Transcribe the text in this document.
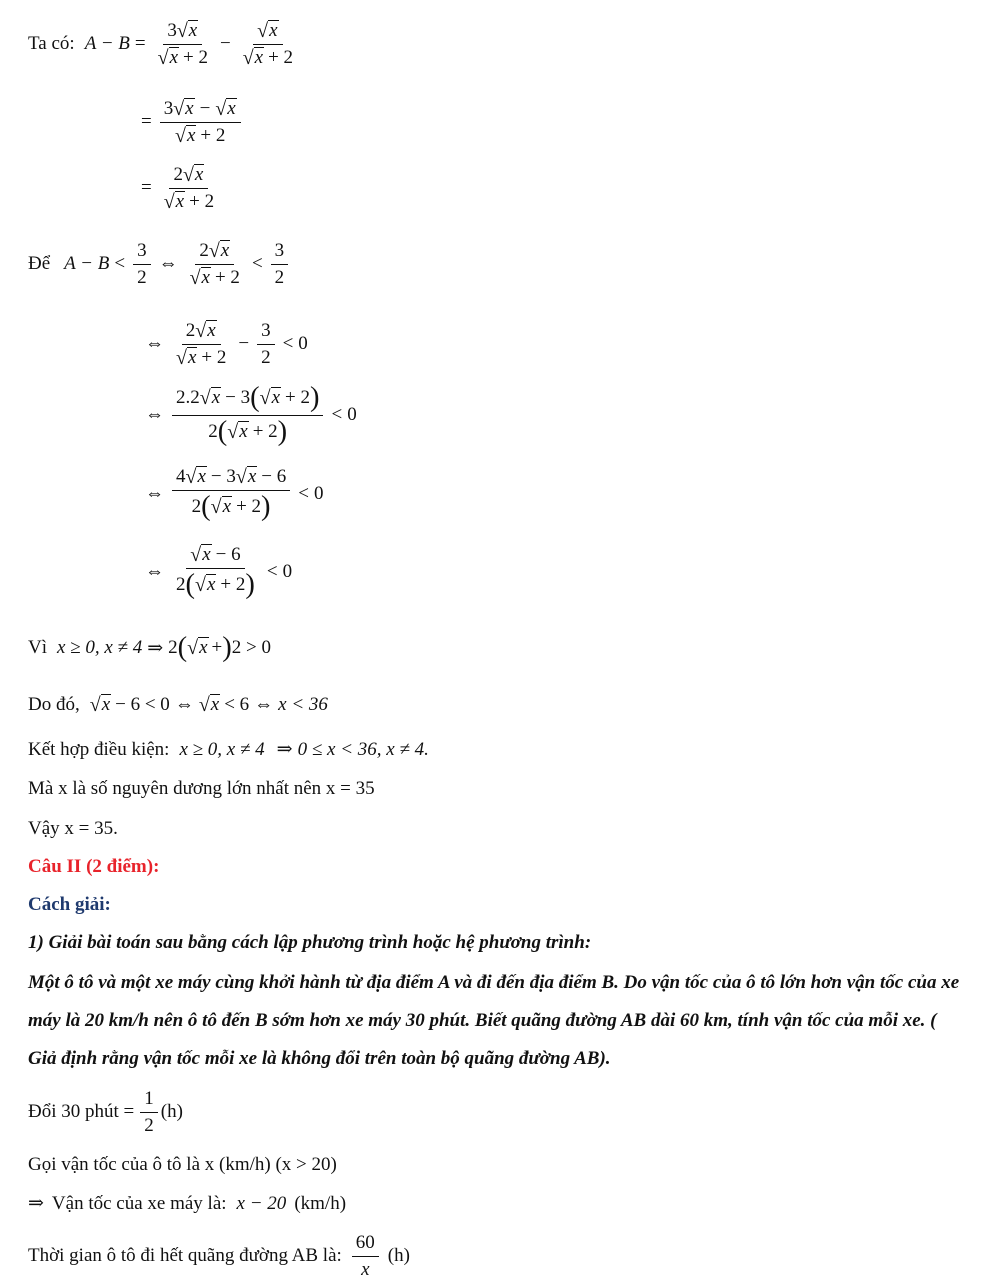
Ta có: $A - B = \frac{3 √ x}{√ x + 2} - \frac{√ x}{√ x + 2}$
= $\frac{3 √ x - √ x}{√ x + 2}$
= $\frac{2 √ x}{√ x + 2}$
Để $A - B < \frac{3}{2}$ ⇔ $\frac{2 √ x}{√ x + 2} < \frac{3}{2}$
⇔ $\frac{2 √ x}{√ x + 2} - \frac{3}{2} < 0$
⇔ $\frac{2.2 √ x - 3 ( √ x + 2 )}{2 ( √ x + 2 )} < 0$
⇔ $\frac{4 √ x - 3 √ x - 6}{2 ( √ x + 2 )} < 0$
⇔ $\frac{√ x - 6}{2 ( √ x + 2 )} < 0$
Vì x ≥ 0, x ≠ 4 ⇒ 2 ( √ x + ) 2 > 0
Do đó, √ x − 6 < 0 ⇔ √ x < 6 ⇔ x < 36
Kết hợp điều kiện: x ≥ 0, x ≠ 4 ⇒ 0 ≤ x < 36, x ≠ 4.
Mà x là số nguyên dương lớn nhất nên x = 35
Vậy x = 35.
Câu II (2 điểm):
Cách giải:
1) Giải bài toán sau bằng cách lập phương trình hoặc hệ phương trình:
Một ô tô và một xe máy cùng khởi hành từ địa điểm A và đi đến địa điểm B. Do vận tốc của ô tô lớn hơn vận tốc của xe máy là 20 km/h nên ô tô đến B sớm hơn xe máy 30 phút. Biết quãng đường AB dài 60 km, tính vận tốc của mỗi xe. ( Giả định rằng vận tốc mỗi xe là không đổi trên toàn bộ quãng đường AB).
Đổi 30 phút = $\frac{1}{2} (h)$
Gọi vận tốc của ô tô là x (km/h) (x > 20)
⇒ Vận tốc của xe máy là: x − 20 (km/h)
Thời gian ô tô đi hết quãng đường AB là: $\frac{60}{x} (h)$
